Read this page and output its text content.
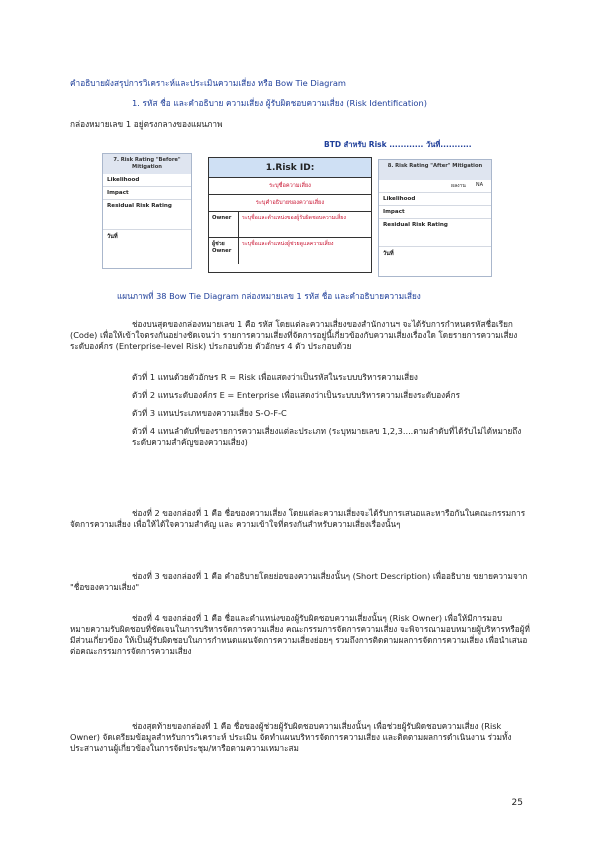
คำอธิบายผังสรุปการวิเคราะห์และประเมินความเสี่ยง หรือ Bow Tie Diagram
1. รหัส ชื่อ และคำอธิบาย ความเสี่ยง ผู้รับผิดชอบความเสี่ยง (Risk Identification)
กล่องหมายเลข 1 อยู่ตรงกลางของแผนภาพ
BTD สำหรับ Risk ............ วันที่...........
7. Risk Rating "Before" Mitigation
Likelihood
Impact
Residual Risk Rating
วันที่
1.Risk ID:
ระบุชื่อความเสี่ยง
ระบุคำอธิบายของความเสี่ยง
Owner	ระบุชื่อและตำแหน่งของผู้รับผิดชอบความเสี่ยง
ผู้ช่วย Owner
ระบุชื่อและตำแหน่งผู้ช่วยดูแลความเสี่ยง
8. Risk Rating "After" Mitigation
ผลงาน NA
Likelihood
Impact
Residual Risk Rating
วันที่
แผนภาพที่ 38 Bow Tie Diagram กล่องหมายเลข 1 รหัส ชื่อ และคำอธิบายความเสี่ยง
ช่องบนสุดของกล่องหมายเลข 1 คือ รหัส โดยแต่ละความเสี่ยงของสำนักงานฯ จะได้รับการกำหนดรหัสชื่อเรียก (Code) เพื่อให้เข้าใจตรงกันอย่างชัดเจนว่า รายการความเสี่ยงที่จัดการอยู่นี้เกี่ยวข้องกับความเสี่ยงเรื่องใด โดยรายการความเสี่ยงระดับองค์กร (Enterprise-level Risk) ประกอบด้วย ตัวอักษร 4 ตัว ประกอบด้วย
ตัวที่ 1 แทนด้วยตัวอักษร R = Risk เพื่อแสดงว่าเป็นรหัสในระบบบริหารความเสี่ยง
ตัวที่ 2 แทนระดับองค์กร E = Enterprise เพื่อแสดงว่าเป็นระบบบริหารความเสี่ยงระดับองค์กร
ตัวที่ 3 แทนประเภทของความเสี่ยง S-O-F-C
ตัวที่ 4 แทนลำดับที่ของรายการความเสี่ยงแต่ละประเภท (ระบุหมายเลข 1,2,3....ตามลำดับที่ได้รับไม่ได้หมายถึงระดับความสำคัญของความเสี่ยง)
ช่องที่ 2 ของกล่องที่ 1 คือ ชื่อของความเสี่ยง โดยแต่ละความเสี่ยงจะได้รับการเสนอและหารือกันในคณะกรรมการจัดการความเสี่ยง เพื่อให้ได้ใจความสำคัญ และ ความเข้าใจที่ตรงกันสำหรับความเสี่ยงเรื่องนั้นๆ
ช่องที่ 3 ของกล่องที่ 1 คือ คำอธิบายโดยย่อของความเสี่ยงนั้นๆ (Short Description) เพื่ออธิบาย ขยายความจาก "ชื่อของความเสี่ยง"
ช่องที่ 4 ของกล่องที่ 1 คือ ชื่อและตำแหน่งของผู้รับผิดชอบความเสี่ยงนั้นๆ (Risk Owner) เพื่อให้มีการมอบหมายความรับผิดชอบที่ชัดเจนในการบริหารจัดการความเสี่ยง คณะกรรมการจัดการความเสี่ยง จะพิจารณามอบหมายผู้บริหารหรือผู้ที่มีส่วนเกี่ยวข้อง ให้เป็นผู้รับผิดชอบในการกำหนดแผนจัดการความเสี่ยงย่อยๆ รวมถึงการติดตามผลการจัดการความเสี่ยง เพื่อนำเสนอต่อคณะกรรมการจัดการความเสี่ยง
ช่องสุดท้ายของกล่องที่ 1 คือ ชื่อของผู้ช่วยผู้รับผิดชอบความเสี่ยงนั้นๆ เพื่อช่วยผู้รับผิดชอบความเสี่ยง (Risk Owner) จัดเตรียมข้อมูลสำหรับการวิเคราะห์ ประเมิน จัดทำแผนบริหารจัดการความเสี่ยง และติดตามผลการดำเนินงาน ร่วมทั้งประสานงานผู้เกี่ยวข้องในการจัดประชุม/หารือตามความเหมาะสม
25
